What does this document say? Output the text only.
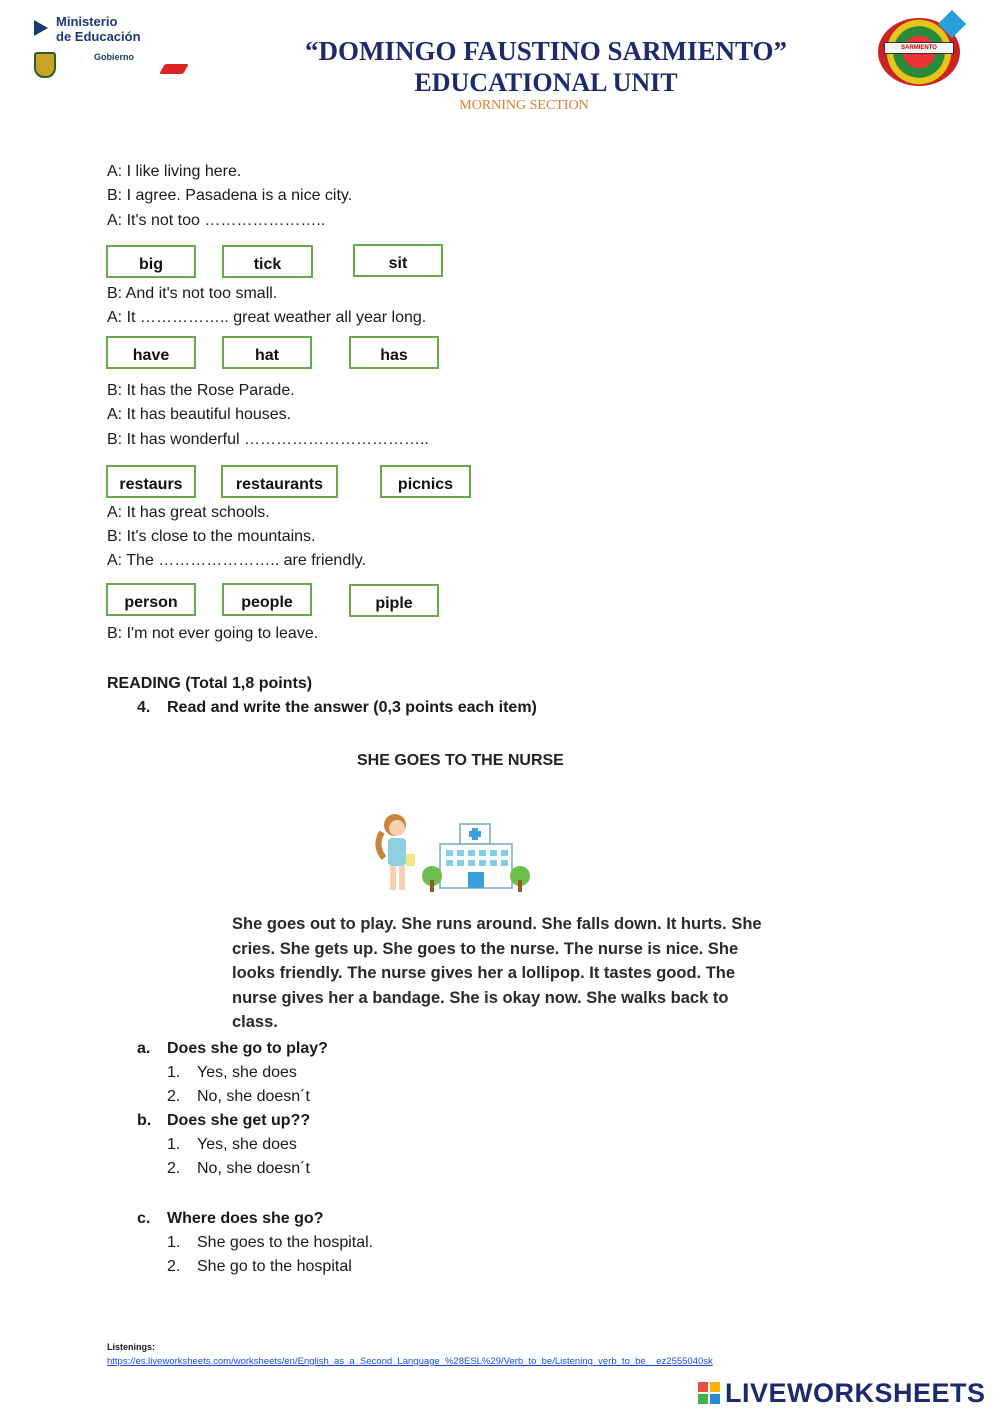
Ministerio
de Educación
Gobierno	“DOMINGO FAUSTINO SARMIENTO”
EDUCATIONAL UNIT
MORNING SECTION
SARMIENTO
A: I like living here.
B: I agree. Pasadena is a nice city.
A: It's not too …………………..
big	tick	sit
B: And it's not too small.
A: It …………….. great weather all year long.
have	hat	has
B: It has the Rose Parade.
A: It has beautiful houses.
B: It has wonderful ……………………………..
restaurs	restaurants	picnics
A: It has great schools.
B: It's close to the mountains.
A: The ………………….. are friendly.
person	people	piple
B: I'm not ever going to leave.
READING (Total 1,8 points)
4. Read and write the answer (0,3 points each item)
SHE GOES TO THE NURSE
She goes out to play. She runs around. She falls down. It hurts. She cries. She gets up. She goes to the nurse. The nurse is nice. She looks friendly. The nurse gives her a lollipop. It tastes good. The nurse gives her a bandage. She is okay now. She walks back to class.
a. Does she go to play?
1. Yes, she does
2. No, she doesn´t
b. Does she get up??
1. Yes, she does
2. No, she doesn´t
c. Where does she go?
1. She goes to the hospital.
2. She go to the hospital
Listenings:
https://es.liveworksheets.com/worksheets/en/English_as_a_Second_Language_%28ESL%29/Verb_to_be/Listening_verb_to_be__ez2555040sk
LIVEWORKSHEETS
